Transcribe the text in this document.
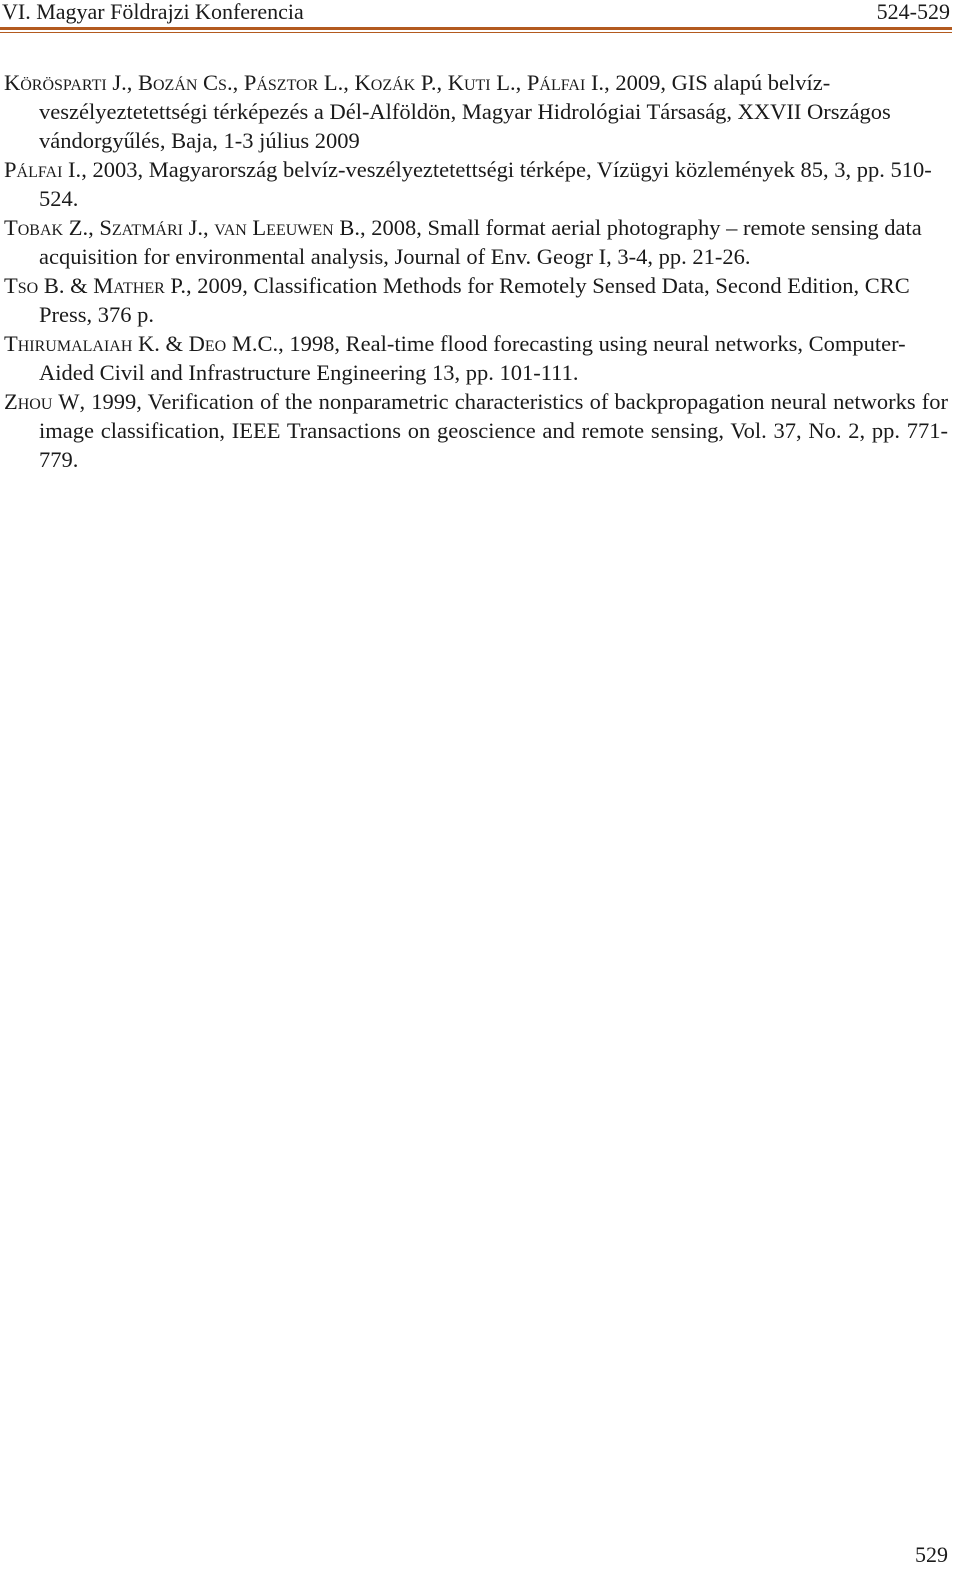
VI. Magyar Földrajzi Konferencia	524-529

Körösparti J., Bozán Cs., Pásztor L., Kozák P., Kuti L., Pálfai I., 2009, GIS alapú belvíz-veszélyeztetettségi térképezés a Dél-Alföldön, Magyar Hidrológiai Társaság, XXVII Országos vándorgyűlés, Baja, 1-3 július 2009

Pálfai I., 2003, Magyarország belvíz-veszélyeztetettségi térképe, Vízügyi közlemények 85, 3, pp. 510-524.

Tobak Z., Szatmári J., van Leeuwen B., 2008, Small format aerial photography – remote sensing data acquisition for environmental analysis, Journal of Env. Geogr I, 3-4, pp. 21-26.

Tso B. & Mather P., 2009, Classification Methods for Remotely Sensed Data, Second Edition, CRC Press, 376 p.

Thirumalaiah K. & Deo M.C., 1998, Real-time flood forecasting using neural networks, Computer-Aided Civil and Infrastructure Engineering 13, pp. 101-111.

Zhou W, 1999, Verification of the nonparametric characteristics of backpropagation neural networks for image classification, IEEE Transactions on geoscience and remote sensing, Vol. 37, No. 2, pp. 771-779.

529
